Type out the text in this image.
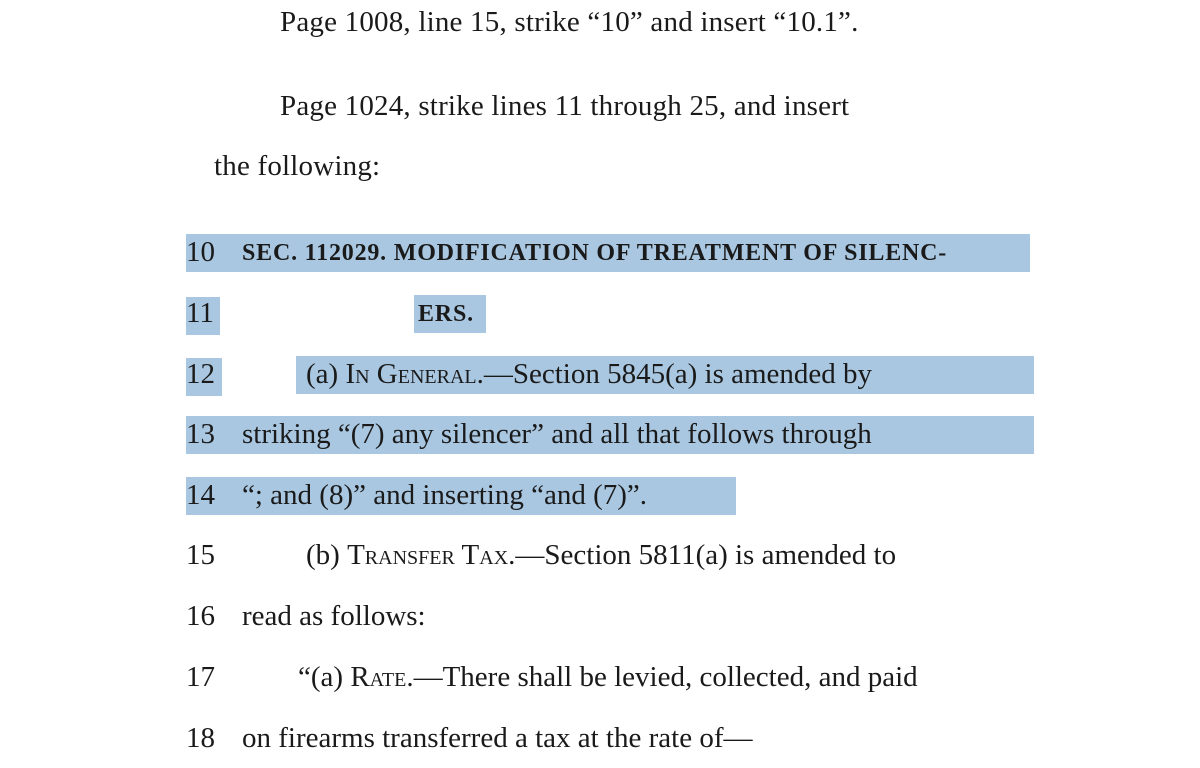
Page 1008, line 15, strike “10” and insert “10.1”.
Page 1024, strike lines 11 through 25, and insert
the following:
10	SEC. 112029. MODIFICATION OF TREATMENT OF SILENC-
11	ERS.
12	(a) In General.—Section 5845(a) is amended by
13 striking “(7) any silencer” and all that follows through
14 “; and (8)” and inserting “and (7)”.
15	(b) Transfer Tax.—Section 5811(a) is amended to
16 read as follows:
17	“(a) Rate.—There shall be levied, collected, and paid
18 on firearms transferred a tax at the rate of—
